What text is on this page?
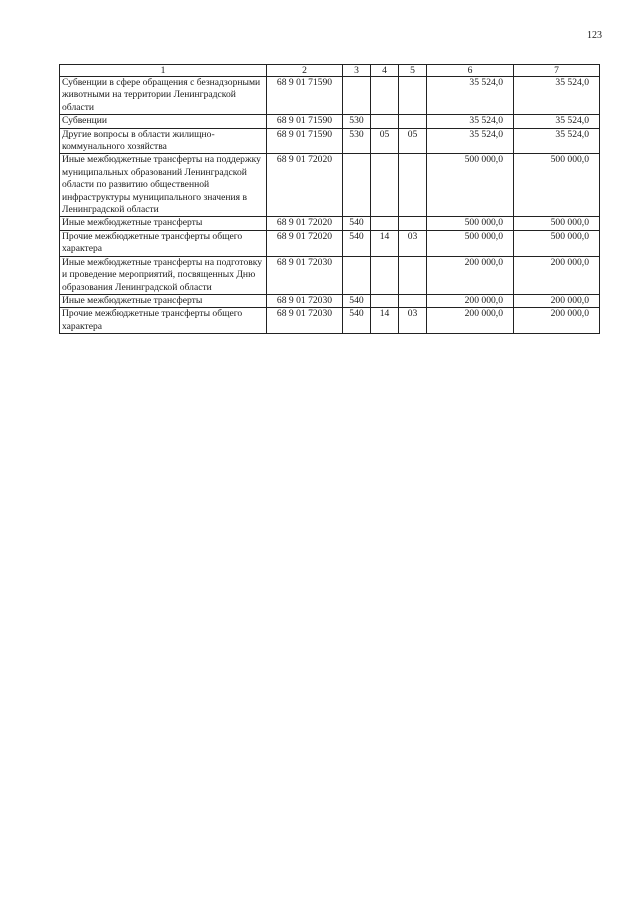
123
1	2	3	4	5	6	7
Субвенции в сфере обращения с безнадзорными животными на территории Ленинградской области	68 9 01 71590				35 524,0	35 524,0
Субвенции	68 9 01 71590	530			35 524,0	35 524,0
Другие вопросы в области жилищно-коммунального хозяйства	68 9 01 71590	530	05	05	35 524,0	35 524,0
Иные межбюджетные трансферты на поддержку муниципальных образований Ленинградской области по развитию общественной инфраструктуры муниципального значения в Ленинградской области	68 9 01 72020				500 000,0	500 000,0
Иные межбюджетные трансферты	68 9 01 72020	540			500 000,0	500 000,0
Прочие межбюджетные трансферты общего характера	68 9 01 72020	540	14	03	500 000,0	500 000,0
Иные межбюджетные трансферты на подготовку и проведение мероприятий, посвященных Дню образования Ленинградской области	68 9 01 72030				200 000,0	200 000,0
Иные межбюджетные трансферты	68 9 01 72030	540			200 000,0	200 000,0
Прочие межбюджетные трансферты общего характера	68 9 01 72030	540	14	03	200 000,0	200 000,0
